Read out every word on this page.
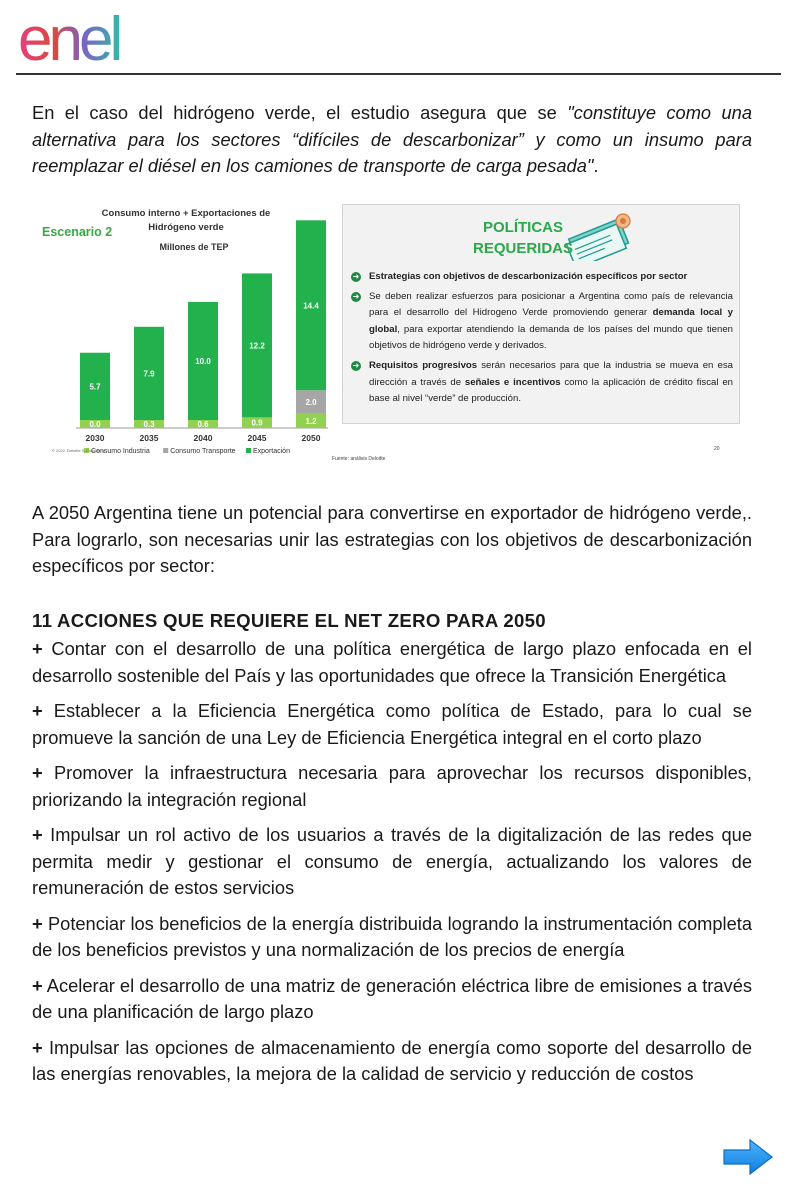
enel

En el caso del hidrógeno verde, el estudio asegura que se "constituye como una alternativa para los sectores “difíciles de descarbonizar” y como un insumo para reemplazar el diésel en los camiones de transporte de carga pesada".

Escenario 2
Consumo interno + Exportaciones de
Hidrógeno verde
Millones de TEP
0.0
5.7
2030
0.3
7.9
2035
0.6
10.0
2040
0.9
12.2
2045
1.2
2.0
14.4
2050
Consumo Industria	Consumo Transporte Exportación
© 2022. Deloitte S-Consulting
POLÍTICAS
REQUERIDAS
➜ Estrategias con objetivos de descarbonización específicos por sector
➜ Se deben realizar esfuerzos para posicionar a Argentina como país de relevancia para el desarrollo del Hidrogeno Verde promoviendo generar demanda local y global, para exportar atendiendo la demanda de los países del mundo que tienen objetivos de hidrógeno verde y derivados.
➜ Requisitos progresivos serán necesarios para que la industria se mueva en esa dirección a través de señales e incentivos como la aplicación de crédito fiscal en base al nivel “verde” de producción.
Fuente: análisis Deloitte
20

A 2050 Argentina tiene un potencial para convertirse en exportador de hidrógeno verde,. Para lograrlo, son necesarias unir las estrategias con los objetivos de descarbonización específicos por sector:

11 ACCIONES QUE REQUIERE EL NET ZERO PARA 2050
+ Contar con el desarrollo de una política energética de largo plazo enfocada en el desarrollo sostenible del País y las oportunidades que ofrece la Transición Energética
+ Establecer a la Eficiencia Energética como política de Estado, para lo cual se promueve la sanción de una Ley de Eficiencia Energética integral en el corto plazo
+ Promover la infraestructura necesaria para aprovechar los recursos disponibles, priorizando la integración regional
+ Impulsar un rol activo de los usuarios a través de la digitalización de las redes que permita medir y gestionar el consumo de energía, actualizando los valores de remuneración de estos servicios
+ Potenciar los beneficios de la energía distribuida logrando la instrumentación completa de los beneficios previstos y una normalización de los precios de energía
+ Acelerar el desarrollo de una matriz de generación eléctrica libre de emisiones a través de una planificación de largo plazo
+ Impulsar las opciones de almacenamiento de energía como soporte del desarrollo de las energías renovables, la mejora de la calidad de servicio y reducción de costos
